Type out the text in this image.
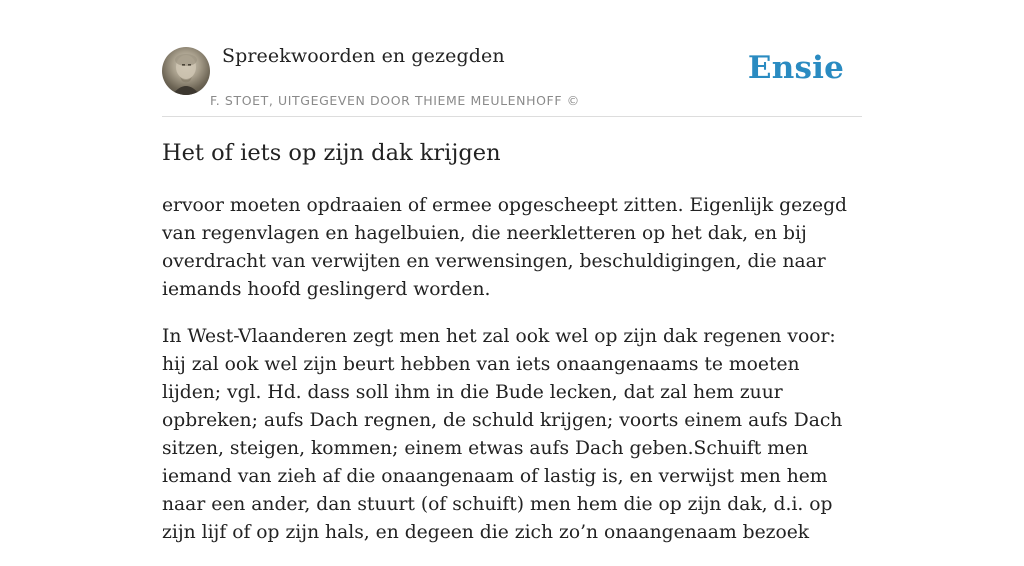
Spreekwoorden en gezegden
F. STOET, UITGEGEVEN DOOR THIEME MEULENHOFF ©
Ensie
Het of iets op zijn dak krijgen

ervoor moeten opdraaien of ermee opgescheept zitten. Eigenlijk gezegd van regenvlagen en hagelbuien, die neerkletteren op het dak, en bij overdracht van verwijten en verwensingen, beschuldigingen, die naar iemands hoofd geslingerd worden.

In West-Vlaanderen zegt men het zal ook wel op zijn dak regenen voor: hij zal ook wel zijn beurt hebben van iets onaangenaams te moeten lijden; vgl. Hd. dass soll ihm in die Bude lecken, dat zal hem zuur opbreken; aufs Dach regnen, de schuld krijgen; voorts einem aufs Dach sitzen, steigen, kommen; einem etwas aufs Dach geben.Schuift men iemand van zieh af die onaangenaam of lastig is, en verwijst men hem naar een ander, dan stuurt (of schuift) men hem die op zijn dak, d.i. op zijn lijf of op zijn hals, en degeen die zich zo’n onaangenaam bezoek
